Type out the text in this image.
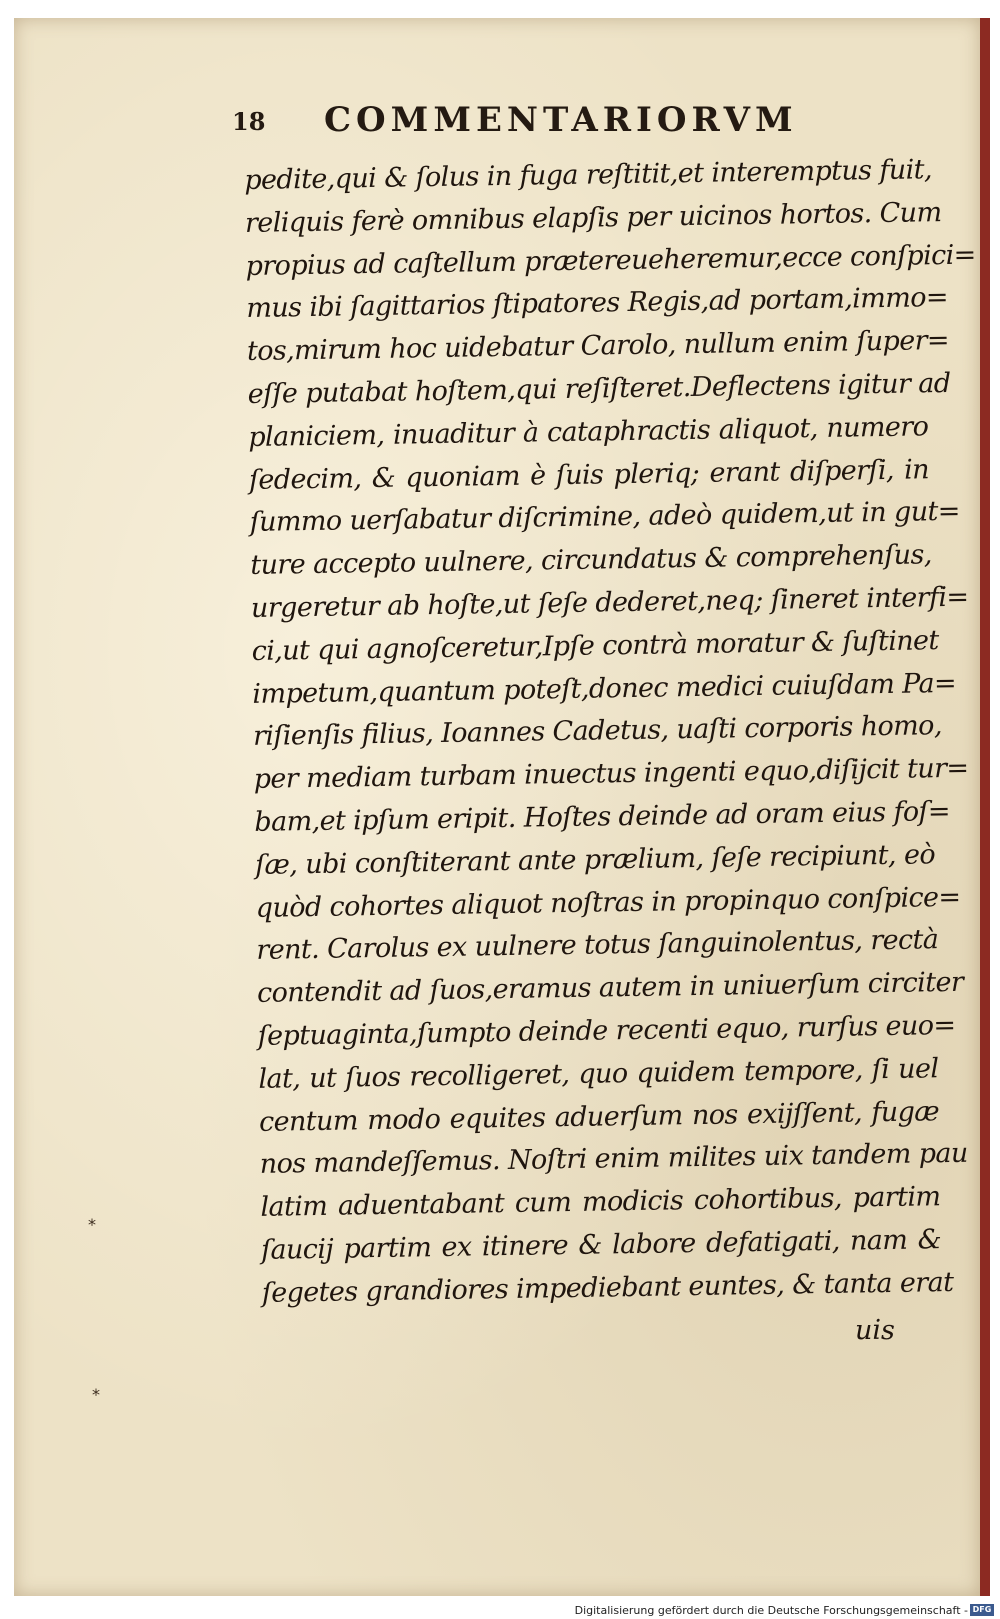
18 COMMENTARIORVM
pedite,qui & ſolus in fuga reſtitit,et interemptus fuit,
reliquis ferè omnibus elapſis per uicinos hortos. Cum
propius ad caſtellum prætereueheremur,ecce conſpici=
mus ibi ſagittarios ſtipatores Regis,ad portam,immo=
tos,mirum hoc uidebatur Carolo, nullum enim ſuper=
eſſe putabat hoſtem,qui reſiſteret.Deflectens igitur ad
planiciem, inuaditur à cataphractis aliquot, numero
ſedecim, & quoniam è ſuis pleriq; erant diſperſi, in
ſummo uerſabatur diſcrimine, adeò quidem,ut in gut=
ture accepto uulnere, circundatus & comprehenſus,
urgeretur ab hoſte,ut ſeſe dederet,neq; ſineret interfi=
ci,ut qui agnoſceretur,Ipſe contrà moratur & ſuſtinet
impetum,quantum poteſt,donec medici cuiuſdam Pa=
riſienſis filius, Ioannes Cadetus, uaſti corporis homo,
per mediam turbam inuectus ingenti equo,diſijcit tur=
bam,et ipſum eripit. Hoſtes deinde ad oram eius foſ=
ſæ, ubi conſtiterant ante prælium, ſeſe recipiunt, eò
quòd cohortes aliquot noſtras in propinquo conſpice=
rent. Carolus ex uulnere totus ſanguinolentus, rectà
contendit ad ſuos,eramus autem in uniuerſum circiter
ſeptuaginta,ſumpto deinde recenti equo, rurſus euo=
lat, ut ſuos recolligeret, quo quidem tempore, ſi uel
centum modo equites aduerſum nos exijſſent, fugæ
nos mandeſſemus. Noſtri enim milites uix tandem pau
latim aduentabant cum modicis cohortibus, partim
ſaucij partim ex itinere & labore defatigati, nam &
ſegetes grandiores impediebant euntes, & tanta erat
uis
*
*
Digitalisierung gefördert durch die Deutsche Forschungsgemeinschaft - DFG
